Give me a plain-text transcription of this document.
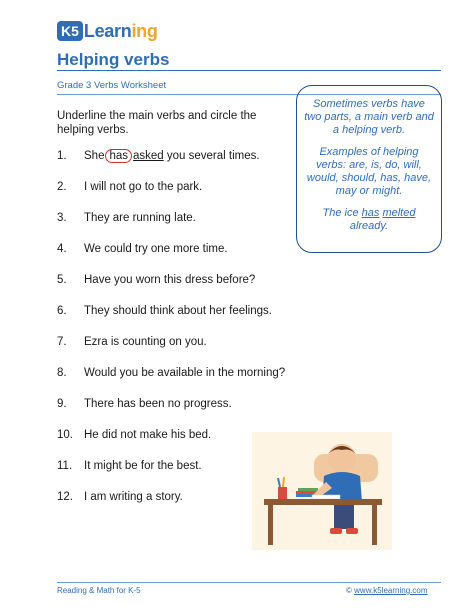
K5 Learning
Helping verbs
Grade 3 Verbs Worksheet
Underline the main verbs and circle the helping verbs.
1.	She has asked you several times.
2.	I will not go to the park.
3.	They are running late.
4.	We could try one more time.
5.	Have you worn this dress before?
6.	They should think about her feelings.
7.	Ezra is counting on you.
8.	Would you be available in the morning?
9.	There has been no progress.
10. He did not make his bed.
11.	It might be for the best.
12. I am writing a story.

Sometimes verbs have two parts, a main verb and a helping verb.

Examples of helping verbs: are, is, do, will, would, should, has, have, may or might.

The ice has melted already.

Reading & Math for K-5	© www.k5learning.com
